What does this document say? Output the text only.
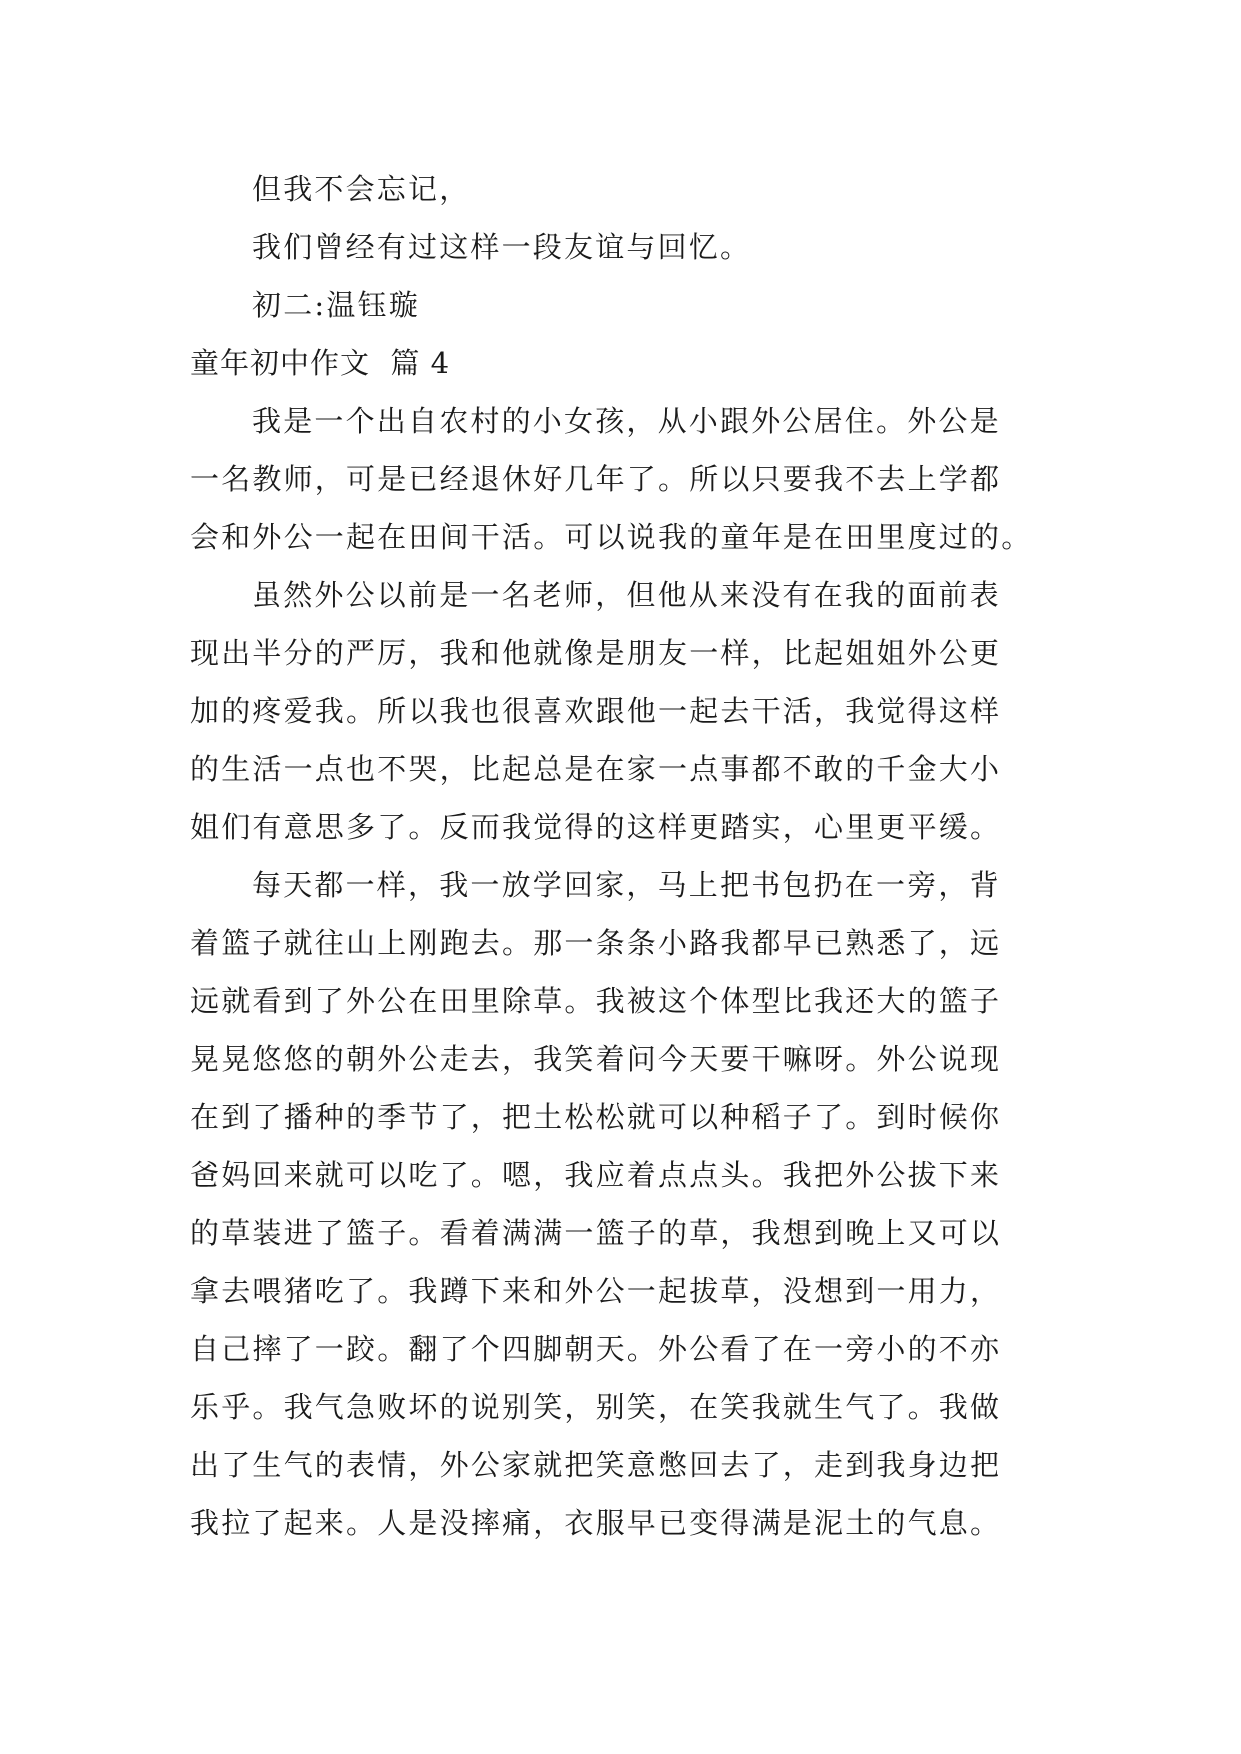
但我不会忘记，
我们曾经有过这样一段友谊与回忆。
初二:温钰璇
童年初中作文  篇 4
我是一个出自农村的小女孩，从小跟外公居住。外公是
一名教师，可是已经退休好几年了。所以只要我不去上学都
会和外公一起在田间干活。可以说我的童年是在田里度过的。
虽然外公以前是一名老师，但他从来没有在我的面前表
现出半分的严厉，我和他就像是朋友一样，比起姐姐外公更
加的疼爱我。所以我也很喜欢跟他一起去干活，我觉得这样
的生活一点也不哭，比起总是在家一点事都不敢的千金大小
姐们有意思多了。反而我觉得的这样更踏实，心里更平缓。
每天都一样，我一放学回家，马上把书包扔在一旁，背
着篮子就往山上刚跑去。那一条条小路我都早已熟悉了，远
远就看到了外公在田里除草。我被这个体型比我还大的篮子
晃晃悠悠的朝外公走去，我笑着问今天要干嘛呀。外公说现
在到了播种的季节了，把土松松就可以种稻子了。到时候你
爸妈回来就可以吃了。嗯，我应着点点头。我把外公拔下来
的草装进了篮子。看着满满一篮子的草，我想到晚上又可以
拿去喂猪吃了。我蹲下来和外公一起拔草，没想到一用力，
自己摔了一跤。翻了个四脚朝天。外公看了在一旁小的不亦
乐乎。我气急败坏的说别笑，别笑，在笑我就生气了。我做
出了生气的表情，外公家就把笑意憋回去了，走到我身边把
我拉了起来。人是没摔痛，衣服早已变得满是泥土的气息。
